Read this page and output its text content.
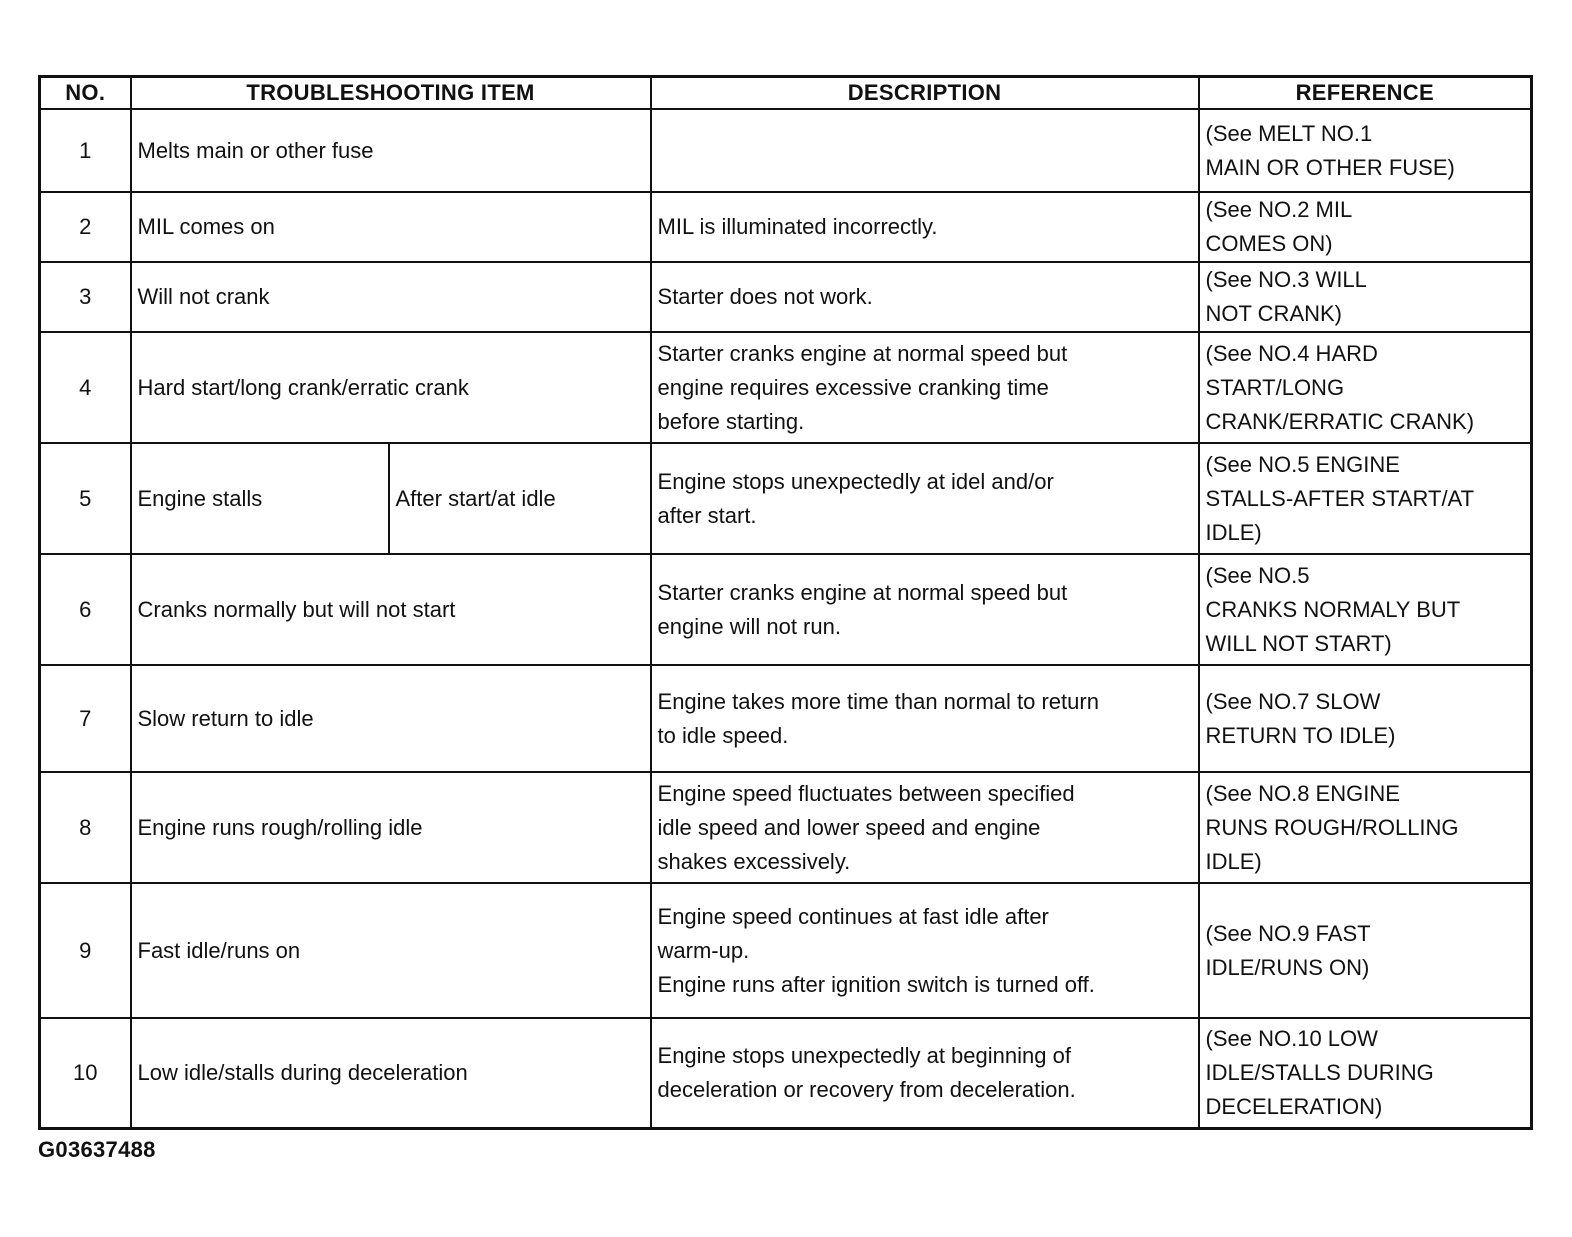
NO.	TROUBLESHOOTING ITEM		DESCRIPTION	REFERENCE
1	Melts main or other fuse			(See MELT NO.1
MAIN OR OTHER FUSE)

2	MIL comes on		MIL is illuminated incorrectly.	(See NO.2 MIL
COMES ON)

3	Will not crank		Starter does not work.	(See NO.3 WILL
NOT CRANK)

4	Hard start/long crank/erratic crank		Starter cranks engine at normal speed but
engine requires excessive cranking time
before starting.	(See NO.4 HARD
START/LONG
CRANK/ERRATIC CRANK)

5	Engine stalls	After start/at idle	Engine stops unexpectedly at idel and/or
after start.	(See NO.5 ENGINE
STALLS-AFTER START/AT
IDLE)

6	Cranks normally but will not start		Starter cranks engine at normal speed but
engine will not run.	(See NO.5
CRANKS NORMALY BUT
WILL NOT START)

7	Slow return to idle		Engine takes more time than normal to return
to idle speed.	(See NO.7 SLOW
RETURN TO IDLE)

8	Engine runs rough/rolling idle		Engine speed fluctuates between specified
idle speed and lower speed and engine
shakes excessively.	(See NO.8 ENGINE
RUNS ROUGH/ROLLING
IDLE)

9	Fast idle/runs on		Engine speed continues at fast idle after
warm-up.
Engine runs after ignition switch is turned off.	(See NO.9 FAST
IDLE/RUNS ON)

10	Low idle/stalls during deceleration		Engine stops unexpectedly at beginning of
deceleration or recovery from deceleration.	(See NO.10 LOW
IDLE/STALLS DURING
DECELERATION)
G03637488
